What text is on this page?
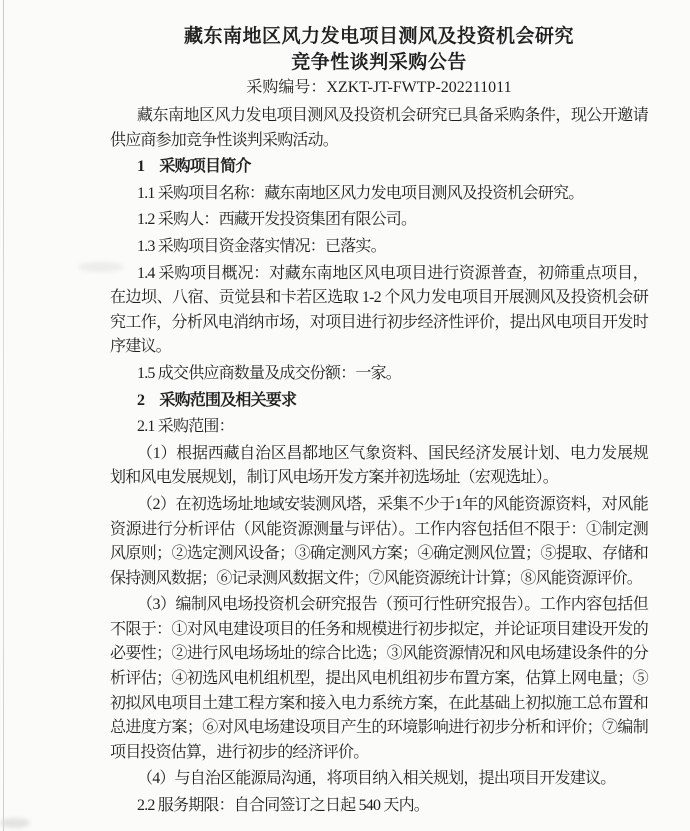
藏东南地区风力发电项目测风及投资机会研究
竞争性谈判采购公告
采购编号：XZKT-JT-FWTP-202211011
藏东南地区风力发电项目测风及投资机会研究已具备采购条件，现公开邀请
供应商参加竞争性谈判采购活动。
1　采购项目简介
1.1 采购项目名称：藏东南地区风力发电项目测风及投资机会研究。
1.2 采购人：西藏开发投资集团有限公司。
1.3 采购项目资金落实情况：已落实。
1.4 采购项目概况：对藏东南地区风电项目进行资源普查，初筛重点项目，
在边坝、八宿、贡觉县和卡若区选取 1-2 个风力发电项目开展测风及投资机会研
究工作，分析风电消纳市场，对项目进行初步经济性评价，提出风电项目开发时
序建议。
1.5 成交供应商数量及成交份额：一家。
2　采购范围及相关要求
2.1 采购范围：
（1）根据西藏自治区昌都地区气象资料、国民经济发展计划、电力发展规
划和风电发展规划，制订风电场开发方案并初选场址（宏观选址）。
（2）在初选场址地域安装测风塔，采集不少于1年的风能资源资料，对风能
资源进行分析评估（风能资源测量与评估）。工作内容包括但不限于：①制定测
风原则；②选定测风设备；③确定测风方案；④确定测风位置；⑤提取、存储和
保持测风数据；⑥记录测风数据文件；⑦风能资源统计计算；⑧风能资源评价。
（3）编制风电场投资机会研究报告（预可行性研究报告）。工作内容包括但
不限于：①对风电建设项目的任务和规模进行初步拟定，并论证项目建设开发的
必要性；②进行风电场场址的综合比选；③风能资源情况和风电场建设条件的分
析评估；④初选风电机组机型，提出风电机组初步布置方案，估算上网电量；⑤
初拟风电项目土建工程方案和接入电力系统方案，在此基础上初拟施工总布置和
总进度方案；⑥对风电场建设项目产生的环境影响进行初步分析和评价；⑦编制
项目投资估算，进行初步的经济评价。
（4）与自治区能源局沟通，将项目纳入相关规划，提出项目开发建议。
2.2 服务期限：自合同签订之日起 540 天内。
